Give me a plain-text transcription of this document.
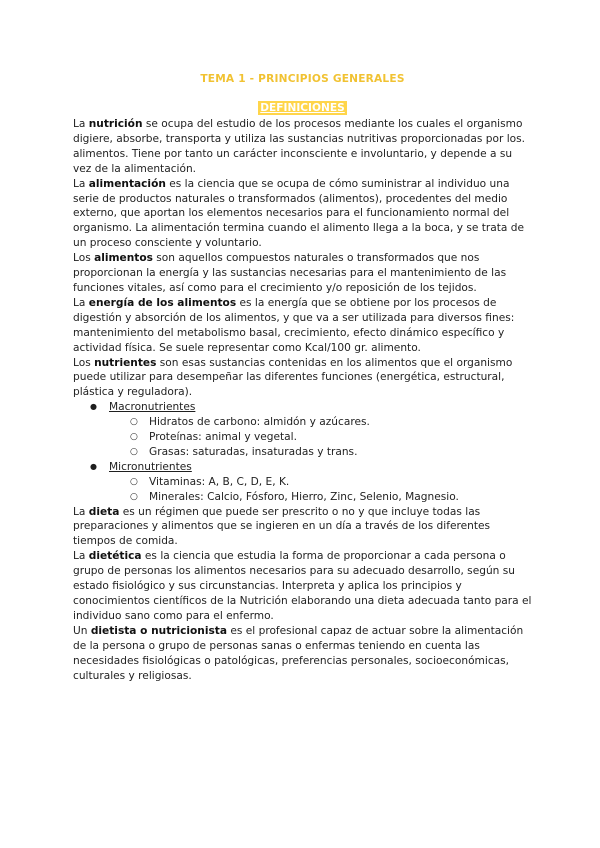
TEMA 1 - PRINCIPIOS GENERALES
DEFINICIONES

La nutrición se ocupa del estudio de los procesos mediante los cuales el organismo digiere, absorbe, transporta y utiliza las sustancias nutritivas proporcionadas por los. alimentos. Tiene por tanto un carácter inconsciente e involuntario, y depende a su vez de la alimentación.

La alimentación es la ciencia que se ocupa de cómo suministrar al individuo una serie de productos naturales o transformados (alimentos), procedentes del medio externo, que aportan los elementos necesarios para el funcionamiento normal del organismo. La alimentación termina cuando el alimento llega a la boca, y se trata de un proceso consciente y voluntario.

Los alimentos son aquellos compuestos naturales o transformados que nos proporcionan la energía y las sustancias necesarias para el mantenimiento de las funciones vitales, así como para el crecimiento y/o reposición de los tejidos.

La energía de los alimentos es la energía que se obtiene por los procesos de digestión y absorción de los alimentos, y que va a ser utilizada para diversos fines: mantenimiento del metabolismo basal, crecimiento, efecto dinámico específico y actividad física. Se suele representar como Kcal/100 gr. alimento.

Los nutrientes son esas sustancias contenidas en los alimentos que el organismo puede utilizar para desempeñar las diferentes funciones (energética, estructural, plástica y reguladora).

● Macronutrientes
○ Hidratos de carbono: almidón y azúcares.
○ Proteínas: animal y vegetal.
○ Grasas: saturadas, insaturadas y trans.
● Micronutrientes
○ Vitaminas: A, B, C, D, E, K.
○ Minerales: Calcio, Fósforo, Hierro, Zinc, Selenio, Magnesio.

La dieta es un régimen que puede ser prescrito o no y que incluye todas las preparaciones y alimentos que se ingieren en un día a través de los diferentes tiempos de comida.

La dietética es la ciencia que estudia la forma de proporcionar a cada persona o grupo de personas los alimentos necesarios para su adecuado desarrollo, según su estado fisiológico y sus circunstancias. Interpreta y aplica los principios y conocimientos científicos de la Nutrición elaborando una dieta adecuada tanto para el individuo sano como para el enfermo.

Un dietista o nutricionista es el profesional capaz de actuar sobre la alimentación de la persona o grupo de personas sanas o enfermas teniendo en cuenta las necesidades fisiológicas o patológicas, preferencias personales, socioeconómicas, culturales y religiosas.
